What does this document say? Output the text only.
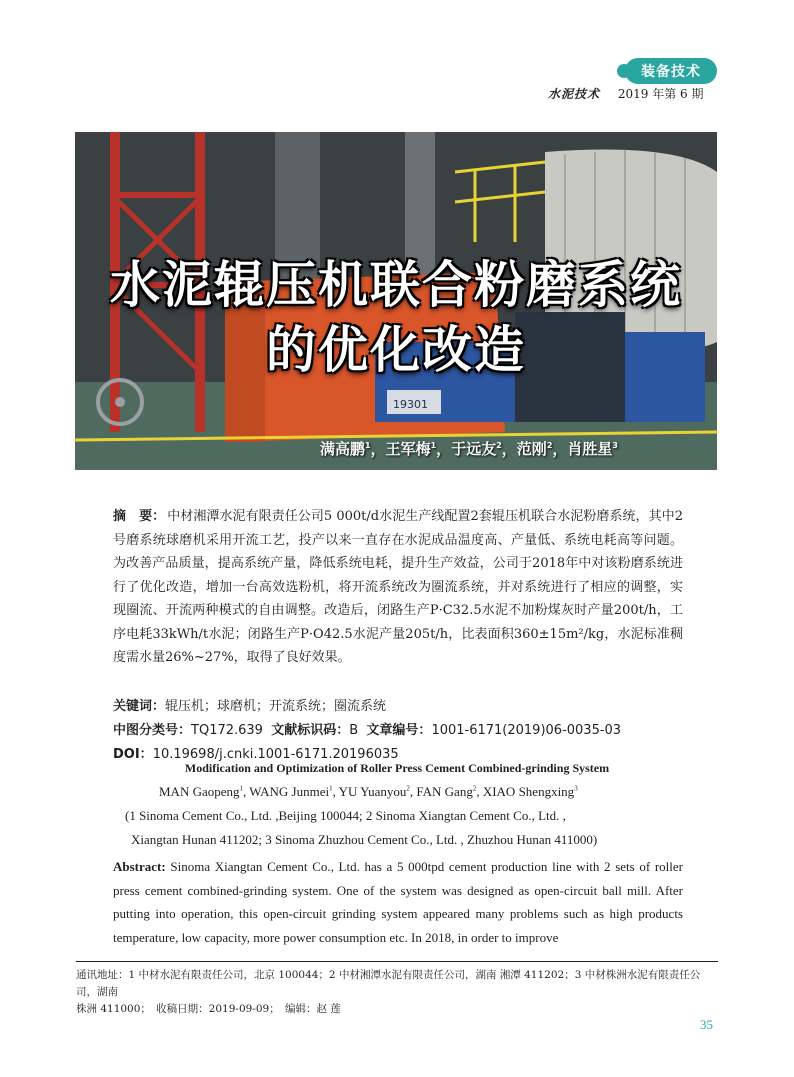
装备技术
水泥技术 2019 年第 6 期
19301
水泥辊压机联合粉磨系统
的优化改造
满高鹏$^1$，王军梅$^1$，于远友$^2$，范刚$^2$，肖胜星$^3$
摘　要： 中材湘潭水泥有限责任公司5 000t/d水泥生产线配置2套辊压机联合水泥粉磨系统，其中2号磨系统球磨机采用开流工艺，投产以来一直存在水泥成品温度高、产量低、系统电耗高等问题。为改善产品质量，提高系统产量，降低系统电耗，提升生产效益，公司于2018年中对该粉磨系统进行了优化改造，增加一台高效选粉机，将开流系统改为圈流系统，并对系统进行了相应的调整，实现圈流、开流两种模式的自由调整。改造后，闭路生产P·C32.5水泥不加粉煤灰时产量200t/h，工序电耗33kWh/t水泥；闭路生产P·O42.5水泥产量205t/h，比表面积360±15m²/kg，水泥标准稠度需水量26%~27%，取得了良好效果。
关键词：辊压机；球磨机；开流系统；圈流系统
中图分类号：TQ172.639 文献标识码：B 文章编号：1001-6171(2019)06-0035-03
DOI：10.19698/j.cnki.1001-6171.20196035
Modification and Optimization of Roller Press Cement Combined-grinding System
MAN Gaopeng$^1$, WANG Junmei$^1$, YU Yuanyou$^2$, FAN Gang$^2$, XIAO Shengxing$^3$
(1 Sinoma Cement Co., Ltd. ,Beijing 100044; 2 Sinoma Xiangtan Cement Co., Ltd. ,
Xiangtan Hunan 411202; 3 Sinoma Zhuzhou Cement Co., Ltd. , Zhuzhou Hunan 411000)
Abstract: Sinoma Xiangtan Cement Co., Ltd. has a 5 000tpd cement production line with 2 sets of roller press cement combined-grinding system. One of the system was designed as open-circuit ball mill. After putting into operation, this open-circuit grinding system appeared many problems such as high products temperature, low capacity, more power consumption etc. In 2018, in order to improve
通讯地址：1 中材水泥有限责任公司，北京 100044；2 中材湘潭水泥有限责任公司，湖南 湘潭 411202；3 中材株洲水泥有限责任公司，湖南
株洲 411000；　收稿日期：2019-09-09；　编辑：赵 莲
35
